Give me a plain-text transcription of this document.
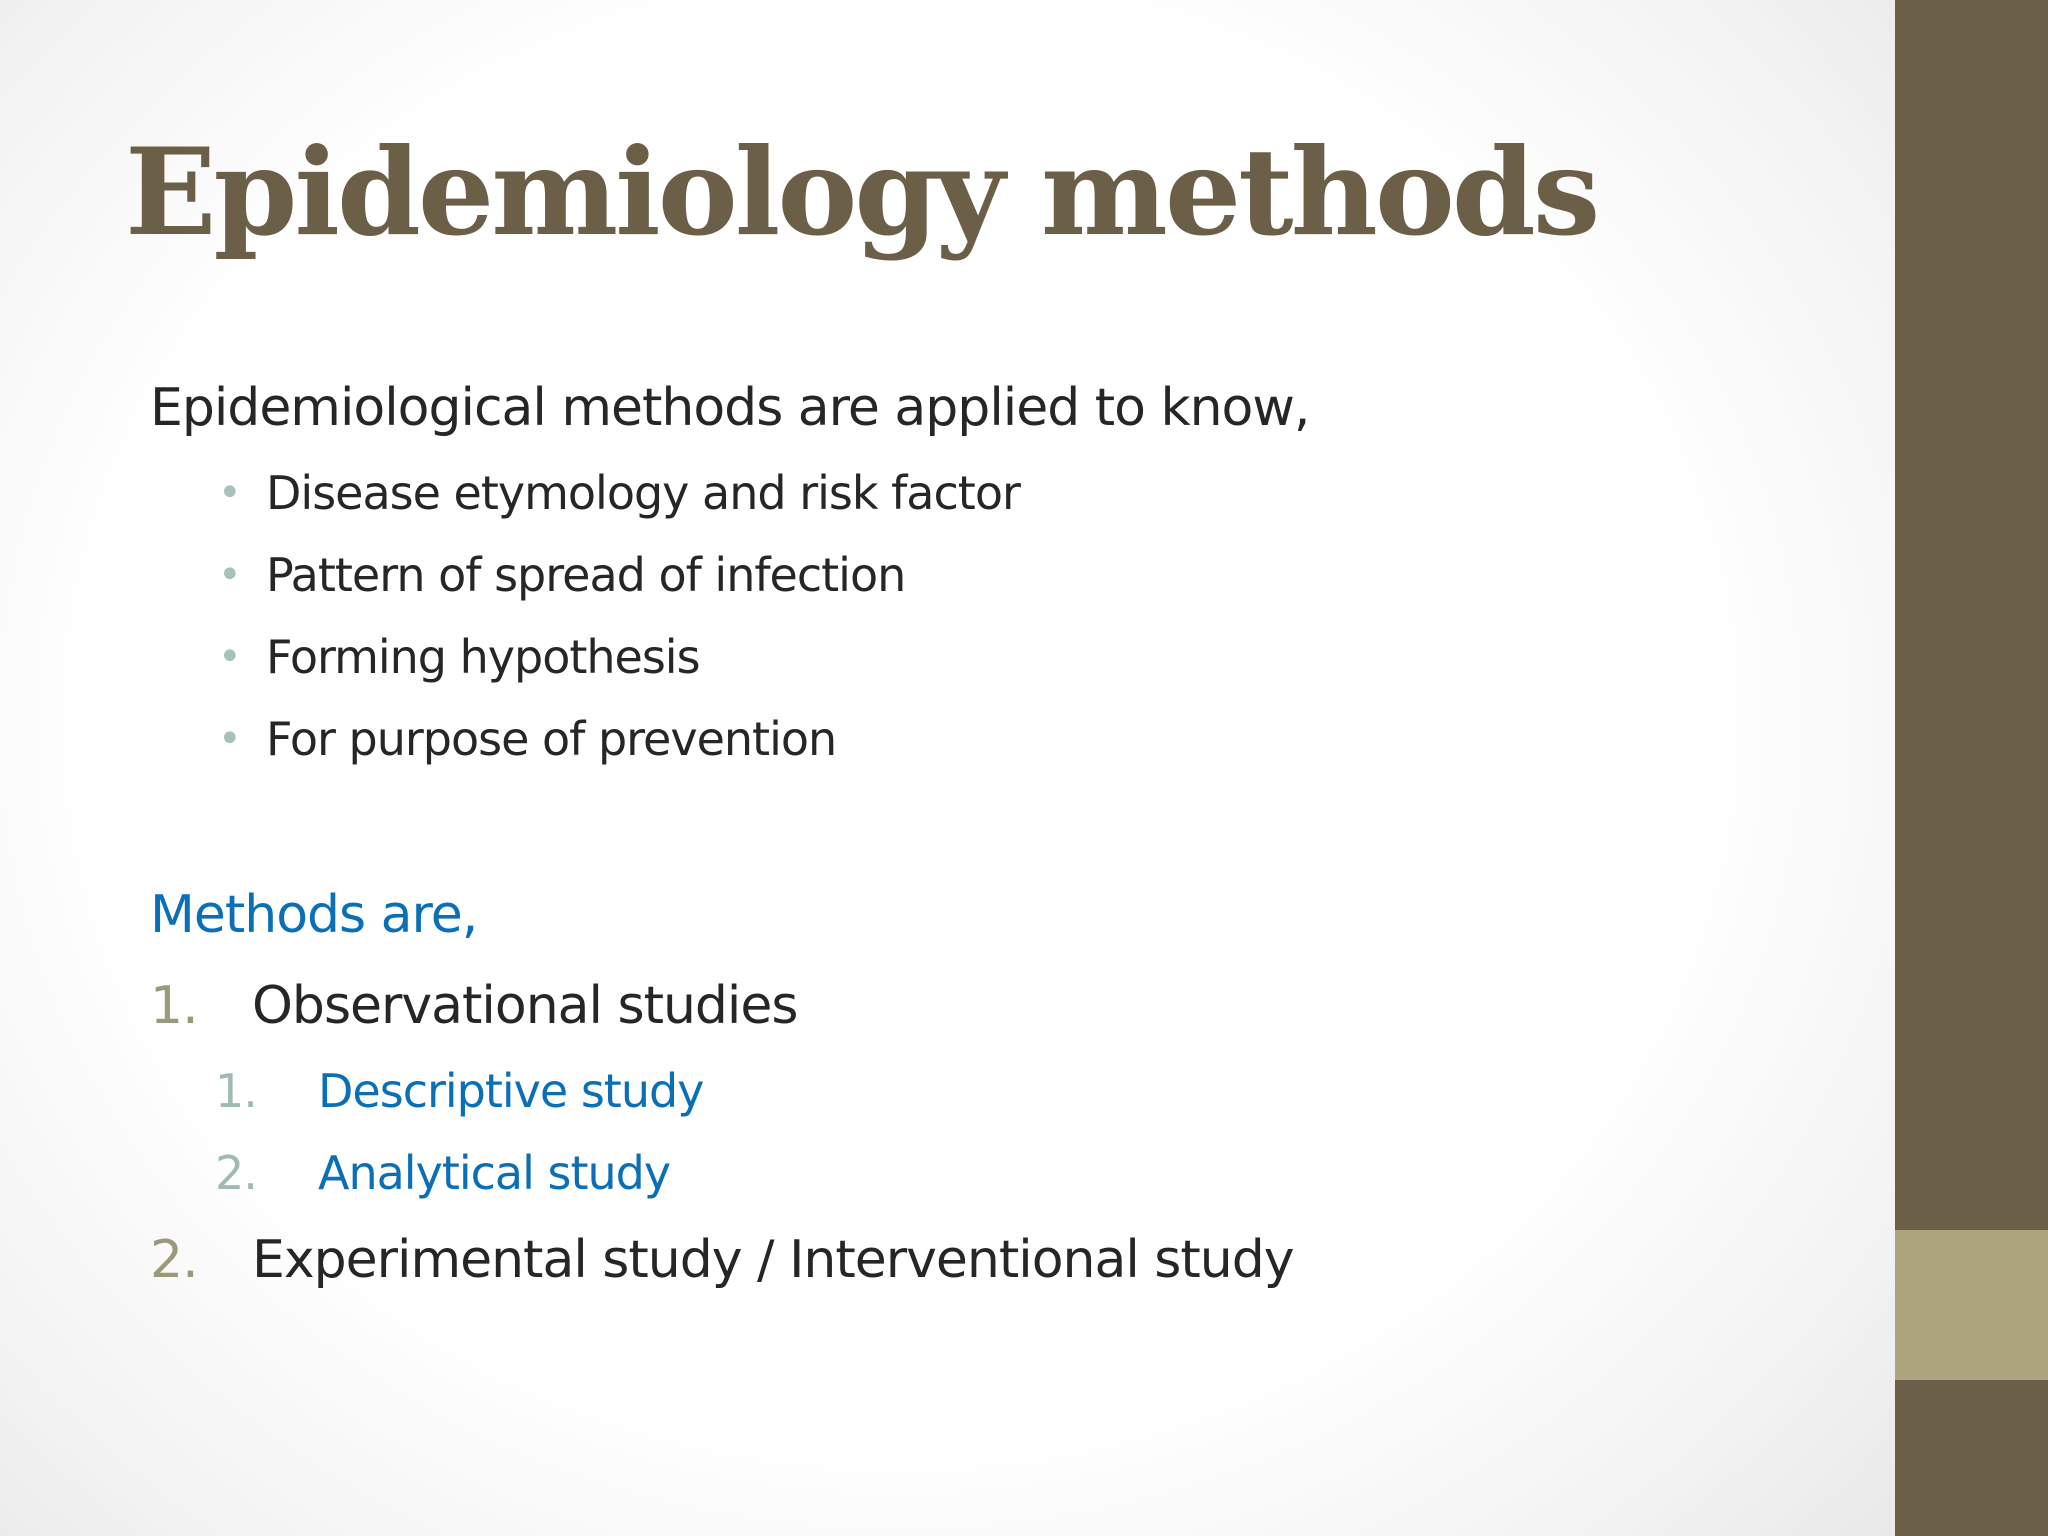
Epidemiology methods
Epidemiological methods are applied to know,
• Disease etymology and risk factor
• Pattern of spread of infection
• Forming hypothesis
• For purpose of prevention
Methods are,
1. Observational studies
1. Descriptive study
2. Analytical study
2. Experimental study / Interventional study
